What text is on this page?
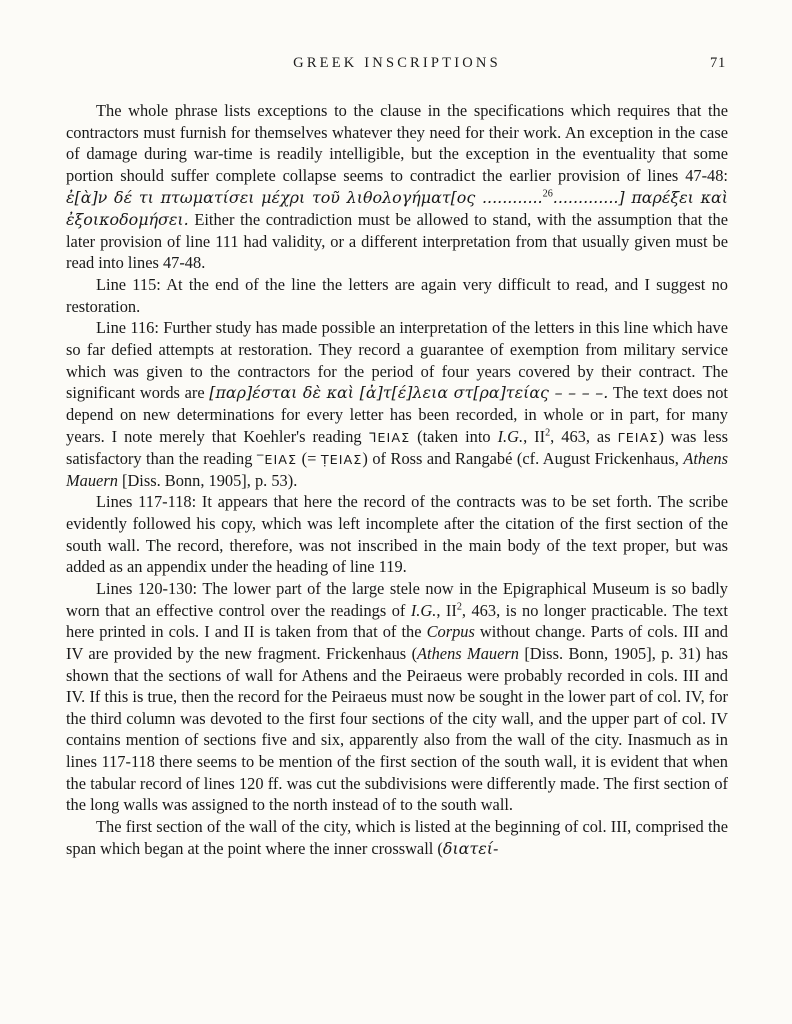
GREEK INSCRIPTIONS	71

The whole phrase lists exceptions to the clause in the specifications which requires that the contractors must furnish for themselves whatever they need for their work. An exception in the case of damage during war-time is readily intelligible, but the exception in the eventuality that some portion should suffer complete collapse seems to contradict the earlier provision of lines 47-48: ἐ[ὰ]ν δέ τι πτωματίσει μέχρι τοῦ λιθολογήματ[ος ............$^{26}$.............] παρέξει καὶ ἐξοικοδομήσει. Either the contradiction must be allowed to stand, with the assumption that the later provision of line 111 had validity, or a different interpretation from that usually given must be read into lines 47-48.

Line 115: At the end of the line the letters are again very difficult to read, and I suggest no restoration.

Line 116: Further study has made possible an interpretation of the letters in this line which have so far defied attempts at restoration. They record a guarantee of exemption from military service which was given to the contractors for the period of four years covered by their contract. The significant words are [παρ]έσται δὲ καὶ [ἀ]τ[έ]λεια στ[ρα]τείας – – – –. The text does not depend on new determinations for every letter has been recorded, in whole or in part, for many years. I note merely that Koehler's reading ᒣEIAΣ (taken into I.G., $II^2$, 463, as ΓEIAΣ) was less satisfactory than the reading ‾EIAΣ (= ṬEIAΣ) of Ross and Rangabé (cf. August Frickenhaus, Athens Mauern [Diss. Bonn, 1905], p. 53).

Lines 117-118: It appears that here the record of the contracts was to be set forth. The scribe evidently followed his copy, which was left incomplete after the citation of the first section of the south wall. The record, therefore, was not inscribed in the main body of the text proper, but was added as an appendix under the heading of line 119.

Lines 120-130: The lower part of the large stele now in the Epigraphical Museum is so badly worn that an effective control over the readings of I.G., $II^2$, 463, is no longer practicable. The text here printed in cols. I and II is taken from that of the Corpus without change. Parts of cols. III and IV are provided by the new fragment. Frickenhaus (Athens Mauern [Diss. Bonn, 1905], p. 31) has shown that the sections of wall for Athens and the Peiraeus were probably recorded in cols. III and IV. If this is true, then the record for the Peiraeus must now be sought in the lower part of col. IV, for the third column was devoted to the first four sections of the city wall, and the upper part of col. IV contains mention of sections five and six, apparently also from the wall of the city. Inasmuch as in lines 117-118 there seems to be mention of the first section of the south wall, it is evident that when the tabular record of lines 120 ff. was cut the subdivisions were differently made. The first section of the long walls was assigned to the north instead of to the south wall.

The first section of the wall of the city, which is listed at the beginning of col. III, comprised the span which began at the point where the inner crosswall (διατεί-
